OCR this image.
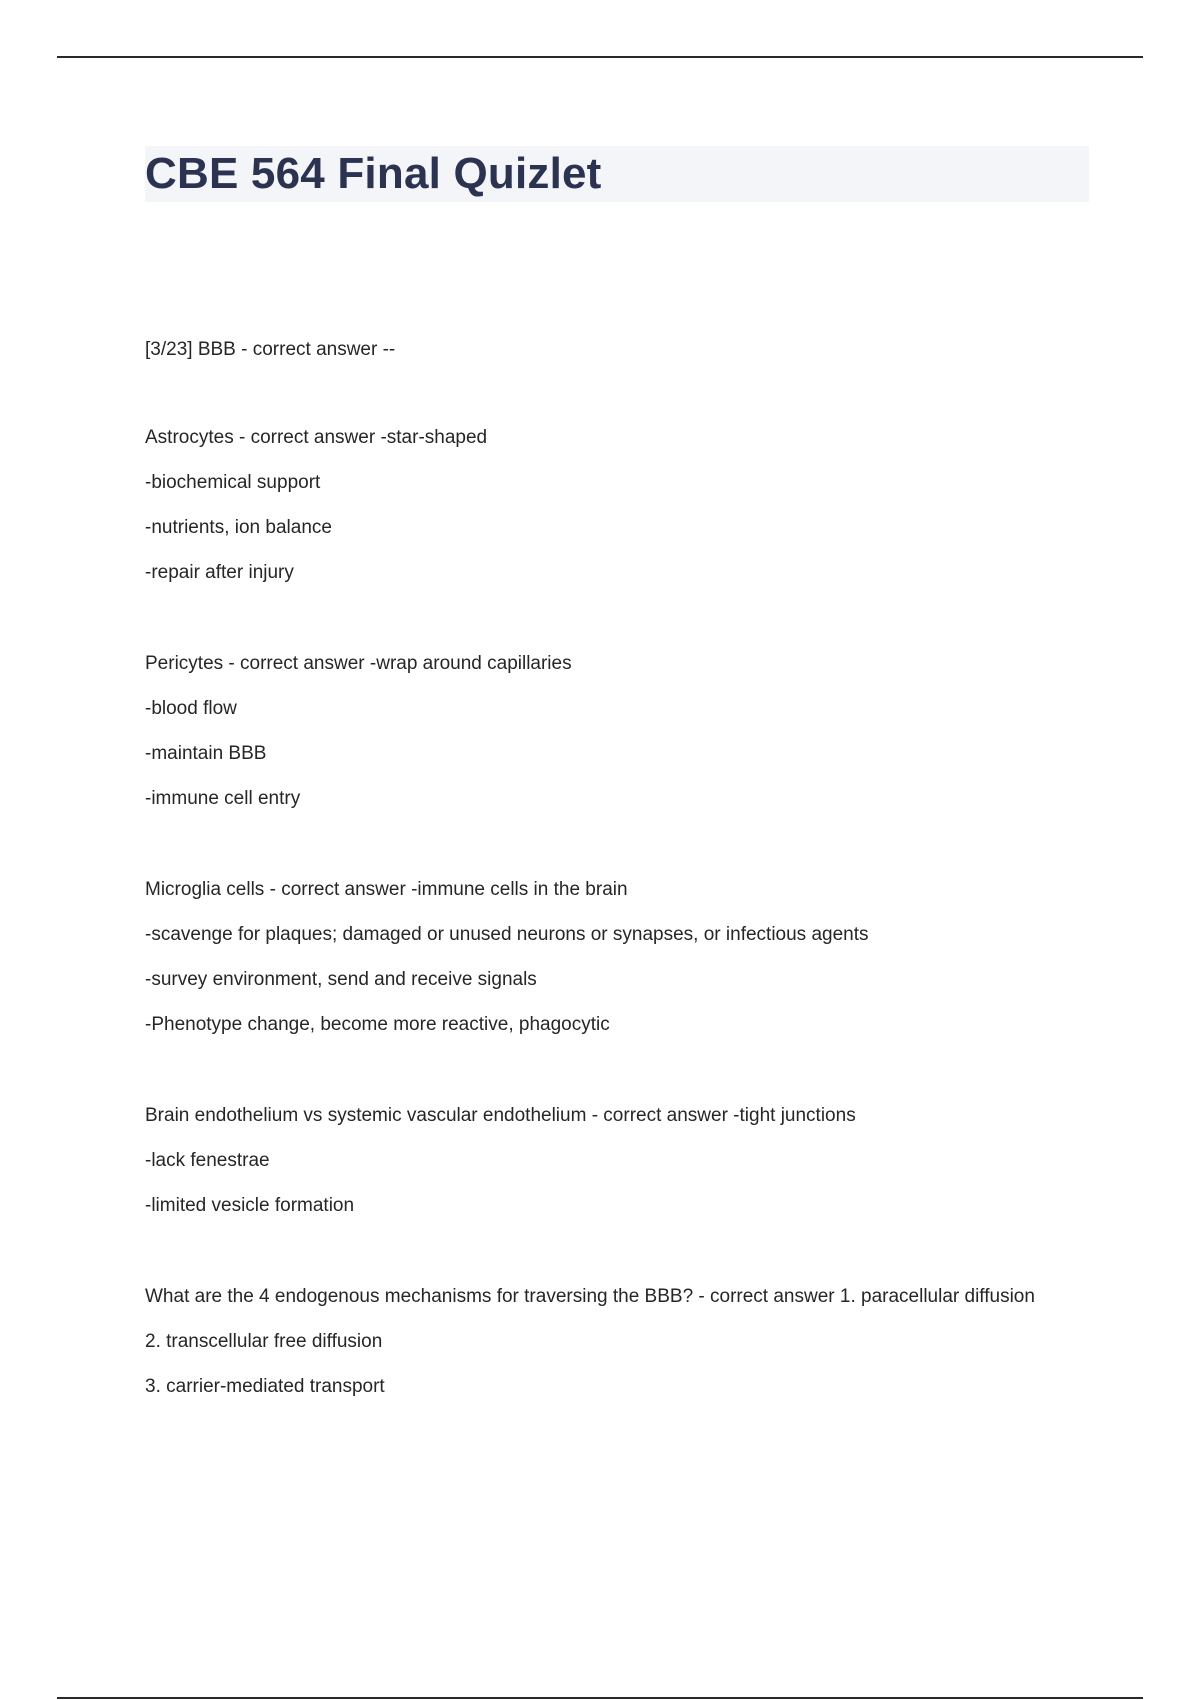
CBE 564 Final Quizlet

[3/23] BBB - correct answer --

Astrocytes - correct answer -star-shaped

-biochemical support

-nutrients, ion balance

-repair after injury

Pericytes - correct answer -wrap around capillaries

-blood flow

-maintain BBB

-immune cell entry

Microglia cells - correct answer -immune cells in the brain

-scavenge for plaques; damaged or unused neurons or synapses, or infectious agents

-survey environment, send and receive signals

-Phenotype change, become more reactive, phagocytic

Brain endothelium vs systemic vascular endothelium - correct answer -tight junctions

-lack fenestrae

-limited vesicle formation

What are the 4 endogenous mechanisms for traversing the BBB? - correct answer 1. paracellular diffusion

2. transcellular free diffusion

3. carrier-mediated transport
